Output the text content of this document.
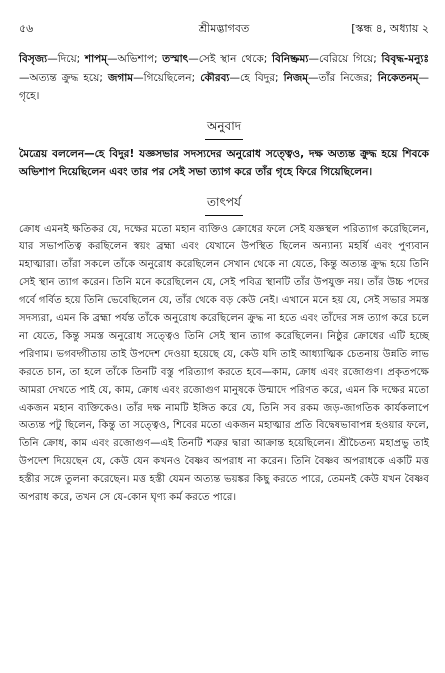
৫৬	শ্রীমদ্ভাগবত	[স্কন্ধ ৪, অধ্যায় ২
বিসৃজ্য—দিয়ে; শাপম্—অভিশাপ; তস্মাৎ—সেই স্থান থেকে; বিনিষ্ক্রম্য—বেরিয়ে গিয়ে; বিবৃদ্ধ-মন্যুঃ—অত্যন্ত ক্রুদ্ধ হয়ে; জগাম—গিয়েছিলেন; কৌরব্য—হে বিদুর; নিজম্—তাঁর নিজের; নিকেতনম্—গৃহে।
অনুবাদ
মৈত্রেয় বললেন—হে বিদুর! যজ্ঞসভার সদস্যদের অনুরোধ সত্ত্বেও, দক্ষ অত্যন্ত ক্রুদ্ধ হয়ে শিবকে অভিশাপ দিয়েছিলেন এবং তার পর সেই সভা ত্যাগ করে তাঁর গৃহে ফিরে গিয়েছিলেন।
তাৎপর্য
ক্রোধ এমনই ক্ষতিকর যে, দক্ষের মতো মহান ব্যক্তিও ক্রোধের ফলে সেই যজ্ঞস্থল পরিত্যাগ করেছিলেন, যার সভাপতিত্ব করছিলেন স্বয়ং ব্রহ্মা এবং যেখানে উপস্থিত ছিলেন অন্যান্য মহর্ষি এবং পুণ্যবান মহাত্মারা। তাঁরা সকলে তাঁকে অনুরোধ করেছিলেন সেখান থেকে না যেতে, কিন্তু অত্যন্ত ক্রুদ্ধ হয়ে তিনি সেই স্থান ত্যাগ করেন। তিনি মনে করেছিলেন যে, সেই পবিত্র স্থানটি তাঁর উপযুক্ত নয়। তাঁর উচ্চ পদের গর্বে গর্বিত হয়ে তিনি ভেবেছিলেন যে, তাঁর থেকে বড় কেউ নেই। এখানে মনে হয় যে, সেই সভার সমস্ত সদস্যরা, এমন কি ব্রহ্মা পর্যন্ত তাঁকে অনুরোধ করেছিলেন ক্রুদ্ধ না হতে এবং তাঁদের সঙ্গ ত্যাগ করে চলে না যেতে, কিন্তু সমস্ত অনুরোধ সত্ত্বেও তিনি সেই স্থান ত্যাগ করেছিলেন। নিষ্ঠুর ক্রোধের এটি হচ্ছে পরিণাম। ভগবদ্গীতায় তাই উপদেশ দেওয়া হয়েছে যে, কেউ যদি তাই আধ্যাত্মিক চেতনায় উন্নতি লাভ করতে চান, তা হলে তাঁকে তিনটি বস্তু পরিত্যাগ করতে হবে—কাম, ক্রোধ এবং রজোগুণ। প্রকৃতপক্ষে আমরা দেখতে পাই যে, কাম, ক্রোধ এবং রজোগুণ মানুষকে উন্মাদে পরিণত করে, এমন কি দক্ষের মতো একজন মহান ব্যক্তিকেও। তাঁর দক্ষ নামটি ইঙ্গিত করে যে, তিনি সব রকম জড়-জাগতিক কার্যকলাপে অত্যন্ত পটু ছিলেন, কিন্তু তা সত্ত্বেও, শিবের মতো একজন মহাত্মার প্রতি বিদ্বেষভাবাপন্ন হওয়ার ফলে, তিনি ক্রোধ, কাম এবং রজোগুণ—এই তিনটি শত্রুর দ্বারা আক্রান্ত হয়েছিলেন। শ্রীচৈতন্য মহাপ্রভু তাই উপদেশ দিয়েছেন যে, কেউ যেন কখনও বৈষ্ণব অপরাধ না করেন। তিনি বৈষ্ণব অপরাধকে একটি মত্ত হস্তীর সঙ্গে তুলনা করেছেন। মত্ত হস্তী যেমন অত্যন্ত ভয়ঙ্কর কিছু করতে পারে, তেমনই কেউ যখন বৈষ্ণব অপরাধ করে, তখন সে যে-কোন ঘৃণ্য কর্ম করতে পারে।
